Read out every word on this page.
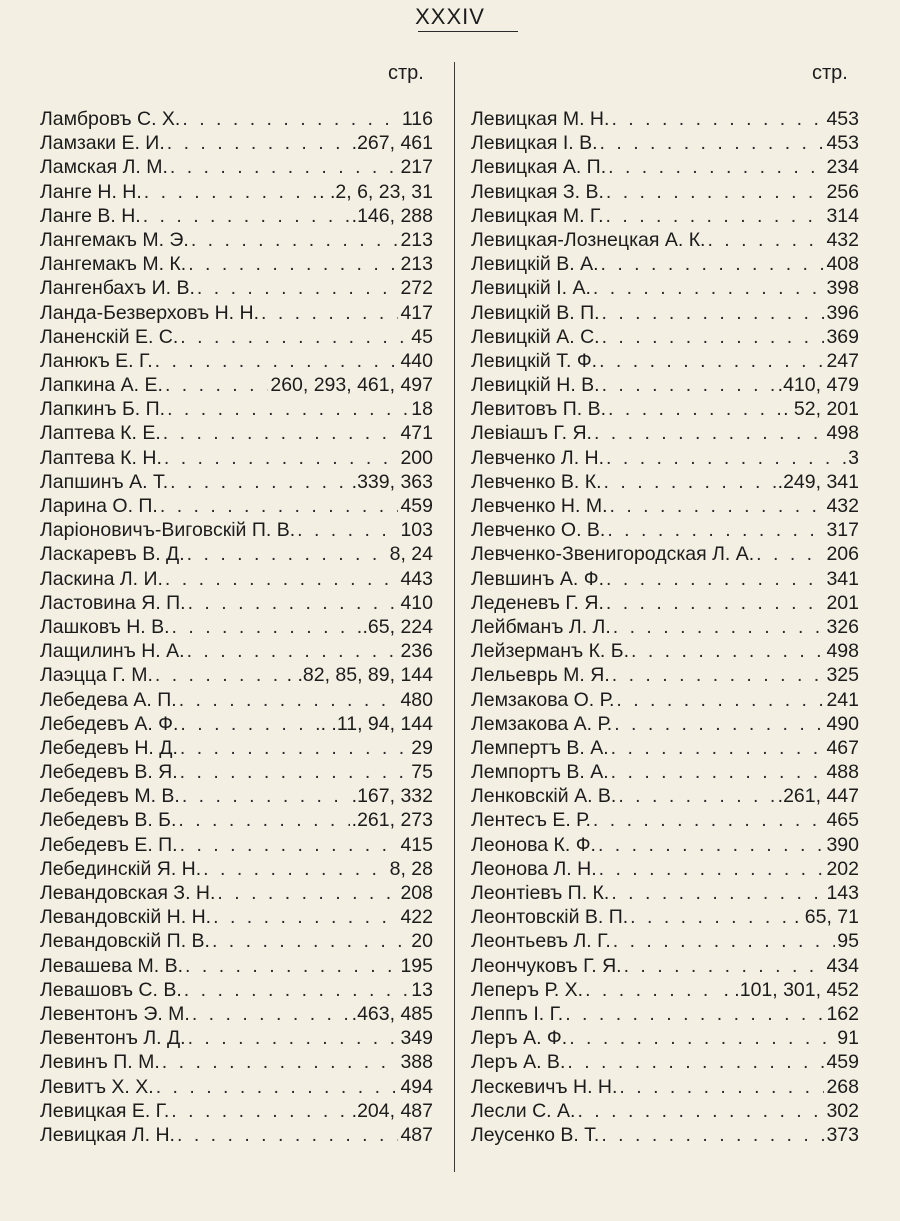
XXXIV
стр.	стр.
Ламбровъ С. Х. . . .	116
Ламзаки Е. И. . . .	.267, 461
Ламская Л. М. . . .	217
Ланге Н. Н. . . .	. .2, 6, 23, 31
Ланге В. Н. . . .	.146, 288
Лангемакъ М. Э. . . .	213
Лангемакъ М. К. . . .	213
Лангенбахъ И. В. . . .	272
Ланда-Безверховъ Н. Н. . . .	417
Ланенскій Е. С. . . .	45
Ланюкъ Е. Г. . . .	440
Лапкина А. Е. . . .	260, 293, 461, 497
Лапкинъ Б. П. . . .	18
Лаптева К. Е. . . .	471
Лаптева К. Н. . . .	200
Лапшинъ А. Т. . . .	.339, 363
Ларина О. П. . . .	459
Ларіоновичъ-Виговскій П. В. . . .	103
Ласкаревъ В. Д. . . .	8, 24
Ласкина Л. И. . . .	443
Ластовина Я. П. . . .	410
Лашковъ Н. В. . . .	.65, 224
Лащилинъ Н. А. . . .	236
Лаэцца Г. М. . . .	. .82, 85, 89, 144
Лебедева А. П. . . .	480
Лебедевъ А. Ф. . . .	. .11, 94, 144
Лебедевъ Н. Д. . . .	29
Лебедевъ В. Я. . . .	75
Лебедевъ М. В. . . .	.167, 332
Лебедевъ В. Б. . . .	.261, 273
Лебедевъ Е. П. . . .	415
Лебединскій Я. Н. . . .	8, 28
Левандовская З. Н. . . .	208
Левандовскій Н. Н. . . .	422
Левандовскій П. В. . . .	20
Левашева М. В. . . .	195
Левашовъ С. В. . . .	13
Левентонъ Э. М. . . .	.463, 485
Левентонъ Л. Д. . . .	349
Левинъ П. М. . . .	388
Левитъ Х. Х. . . .	494
Левицкая Е. Г. . . .	.204, 487
Левицкая Л. Н. . . .	487
Левицкая М. Н. . . .	453
Левицкая І. В. . . .	453
Левицкая А. П. . . .	234
Левицкая З. В. . . .	256
Левицкая М. Г. . . .	314
Левицкая-Лознецкая А. К. . . .	432
Левицкій В. А. . . .	408
Левицкій І. А. . . .	398
Левицкій В. П. . . .	396
Левицкій А. С. . . .	369
Левицкій Т. Ф. . . .	247
Левицкій Н. В. . . .	.410, 479
Левитовъ П. В. . . .	. 52, 201
Левіашъ Г. Я. . . .	498
Левченко Л. Н. . . .	3
Левченко В. К. . . .	.249, 341
Левченко Н. М. . . .	432
Левченко О. В. . . .	317
Левченко-Звенигородская Л. А. . . .	206
Левшинъ А. Ф. . . .	341
Леденевъ Г. Я. . . .	201
Лейбманъ Л. Л. . . .	326
Лейзерманъ К. Б. . . .	498
Лельеврь М. Я. . . .	325
Лемзакова О. Р. . . .	241
Лемзакова А. Р. . . .	490
Лемпертъ В. А. . . .	467
Лемпортъ В. А. . . .	488
Ленковскій А. В. . . .	.261, 447
Лентесъ Е. Р. . . .	465
Леонова К. Ф. . . .	390
Леонова Л. Н. . . .	202
Леонтіевъ П. К. . . .	143
Леонтовскій В. П. . . .	. 65, 71
Леонтьевъ Л. Г. . . .	95
Леончуковъ Г. Я. . . .	434
Леперъ Р. Х. . . .	. .101, 301, 452
Леппъ І. Г. . . .	162
Леръ А. Ф. . . .	91
Леръ А. В. . . .	459
Лескевичъ Н. Н. . . .	268
Лесли С. А. . . .	302
Леусенко В. Т. . . .	373
